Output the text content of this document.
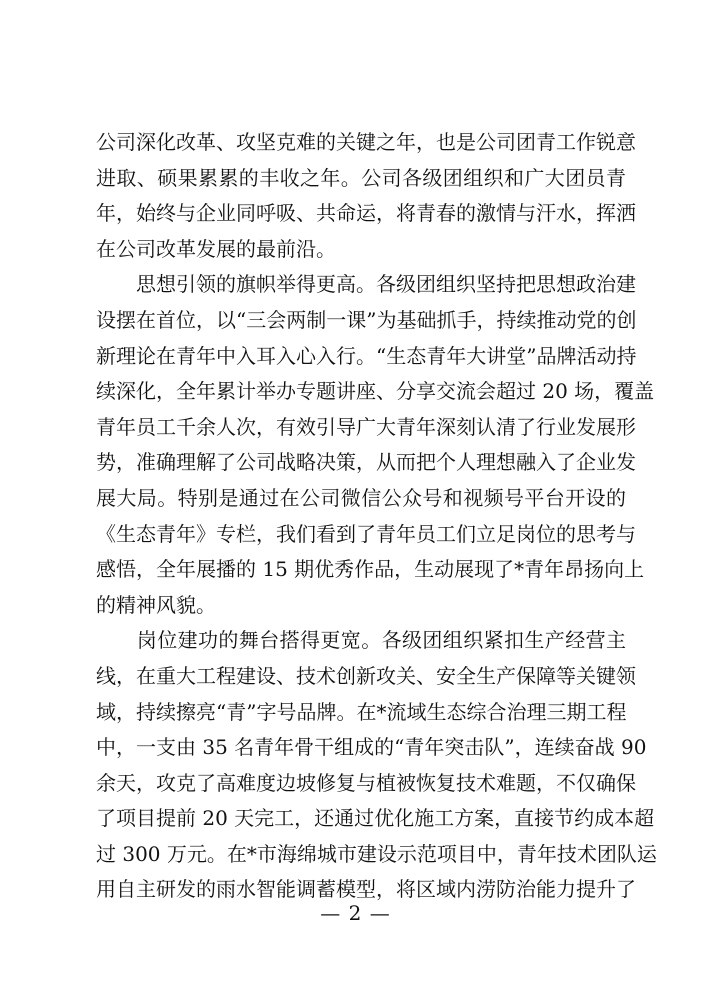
公司深化改革、攻坚克难的关键之年，也是公司团青工作锐意
进取、硕果累累的丰收之年。公司各级团组织和广大团员青
年，始终与企业同呼吸、共命运，将青春的激情与汗水，挥洒
在公司改革发展的最前沿。
　　思想引领的旗帜举得更高。各级团组织坚持把思想政治建
设摆在首位，以“三会两制一课”为基础抓手，持续推动党的创
新理论在青年中入耳入心入行。“生态青年大讲堂”品牌活动持
续深化，全年累计举办专题讲座、分享交流会超过 20 场，覆盖
青年员工千余人次，有效引导广大青年深刻认清了行业发展形
势，准确理解了公司战略决策，从而把个人理想融入了企业发
展大局。特别是通过在公司微信公众号和视频号平台开设的
《生态青年》专栏，我们看到了青年员工们立足岗位的思考与
感悟，全年展播的 15 期优秀作品，生动展现了*青年昂扬向上
的精神风貌。
　　岗位建功的舞台搭得更宽。各级团组织紧扣生产经营主
线，在重大工程建设、技术创新攻关、安全生产保障等关键领
域，持续擦亮“青”字号品牌。在*流域生态综合治理三期工程
中，一支由 35 名青年骨干组成的“青年突击队”，连续奋战 90
余天，攻克了高难度边坡修复与植被恢复技术难题，不仅确保
了项目提前 20 天完工，还通过优化施工方案，直接节约成本超
过 300 万元。在*市海绵城市建设示范项目中，青年技术团队运
用自主研发的雨水智能调蓄模型，将区域内涝防治能力提升了
— 2 —
